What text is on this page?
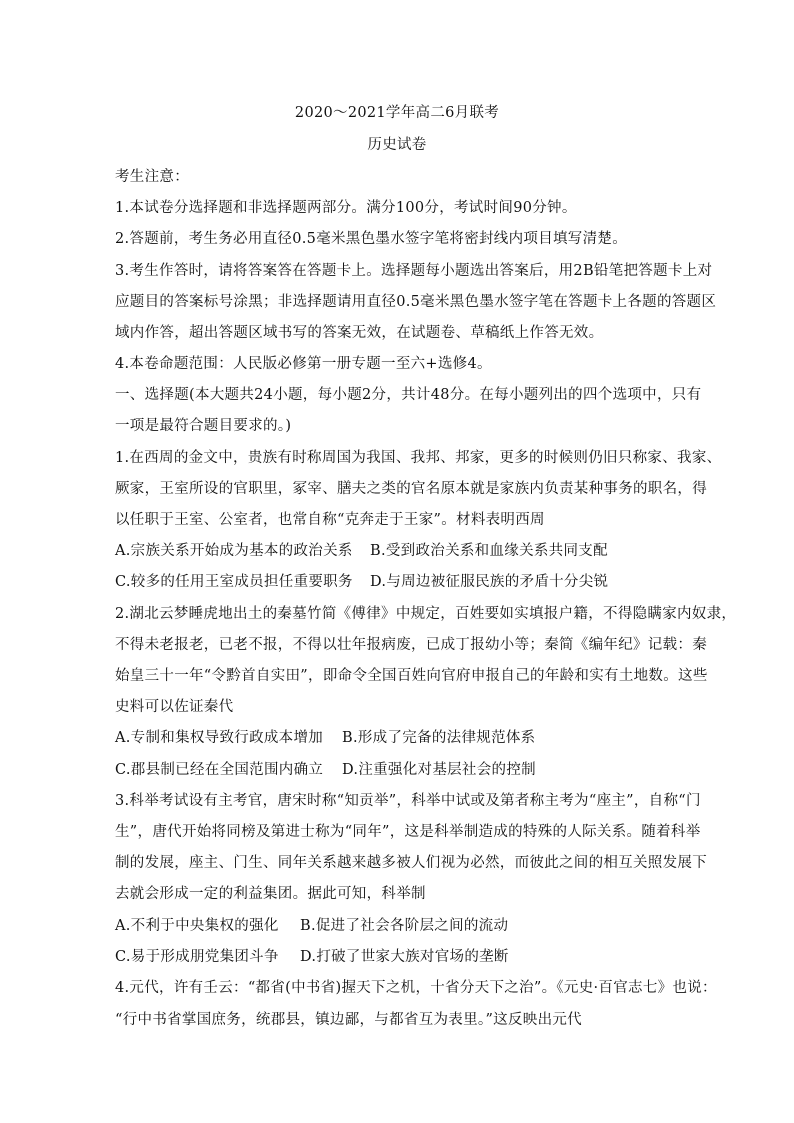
2020～2021学年高二6月联考
历史试卷
考生注意：
1.本试卷分选择题和非选择题两部分。满分100分，考试时间90分钟。
2.答题前，考生务必用直径0.5毫米黑色墨水签字笔将密封线内项目填写清楚。
3.考生作答时，请将答案答在答题卡上。选择题每小题选出答案后，用2B铅笔把答题卡上对
应题目的答案标号涂黑；非选择题请用直径0.5毫米黑色墨水签字笔在答题卡上各题的答题区
域内作答，超出答题区域书写的答案无效，在试题卷、草稿纸上作答无效。
4.本卷命题范围：人民版必修第一册专题一至六+选修4。
一、选择题(本大题共24小题，每小题2分，共计48分。在每小题列出的四个选项中，只有
一项是最符合题目要求的。)
1.在西周的金文中，贵族有时称周国为我国、我邦、邦家，更多的时候则仍旧只称家、我家、
厥家，王室所设的官职里，冢宰、膳夫之类的官名原本就是家族内负责某种事务的职名，得
以任职于王室、公室者，也常自称“克奔走于王家”。材料表明西周
A.宗族关系开始成为基本的政治关系 B.受到政治关系和血缘关系共同支配
C.较多的任用王室成员担任重要职务 D.与周边被征服民族的矛盾十分尖锐
2.湖北云梦睡虎地出土的秦墓竹简《傅律》中规定，百姓要如实填报户籍，不得隐瞒家内奴隶，
不得未老报老，已老不报，不得以壮年报病废，已成丁报幼小等；秦简《编年纪》记载：秦
始皇三十一年“令黔首自实田”，即命令全国百姓向官府申报自己的年龄和实有土地数。这些
史料可以佐证秦代
A.专制和集权导致行政成本增加 B.形成了完备的法律规范体系
C.郡县制已经在全国范围内确立 D.注重强化对基层社会的控制
3.科举考试设有主考官，唐宋时称“知贡举”，科举中试或及第者称主考为“座主”，自称“门
生”，唐代开始将同榜及第进士称为“同年”，这是科举制造成的特殊的人际关系。随着科举
制的发展，座主、门生、同年关系越来越多被人们视为必然，而彼此之间的相互关照发展下
去就会形成一定的利益集团。据此可知，科举制
A.不利于中央集权的强化 B.促进了社会各阶层之间的流动
C.易于形成朋党集团斗争 D.打破了世家大族对官场的垄断
4.元代，许有壬云：“都省(中书省)握天下之机，十省分天下之治”。《元史·百官志七》也说：
“行中书省掌国庶务，统郡县，镇边鄙，与都省互为表里。”这反映出元代
